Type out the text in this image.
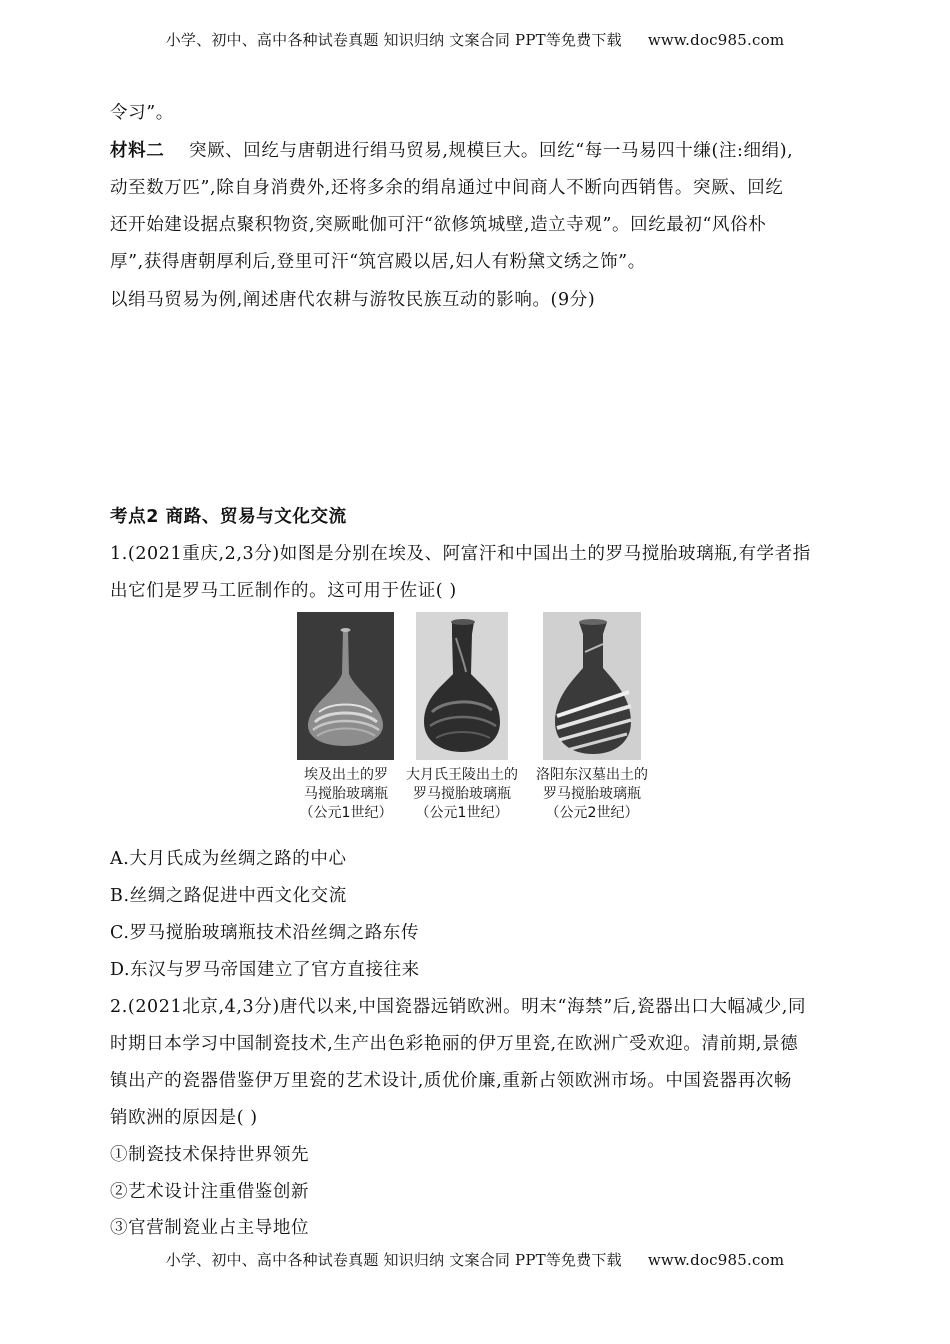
小学、初中、高中各种试卷真题 知识归纳 文案合同 PPT等免费下载 www.doc985.com
令习”。
材料二 突厥、回纥与唐朝进行绢马贸易,规模巨大。回纥“每一马易四十缣(注:细绢),
动至数万匹”,除自身消费外,还将多余的绢帛通过中间商人不断向西销售。突厥、回纥
还开始建设据点聚积物资,突厥毗伽可汗“欲修筑城壁,造立寺观”。回纥最初“风俗朴
厚”,获得唐朝厚利后,登里可汗“筑宫殿以居,妇人有粉黛文绣之饰”。
以绢马贸易为例,阐述唐代农耕与游牧民族互动的影响。(9分)
考点2 商路、贸易与文化交流
1.(2021重庆,2,3分)如图是分别在埃及、阿富汗和中国出土的罗马搅胎玻璃瓶,有学者指
出它们是罗马工匠制作的。这可用于佐证( )
埃及出土的罗
马搅胎玻璃瓶
（公元1世纪）
大月氏王陵出土的
罗马搅胎玻璃瓶
（公元1世纪）
洛阳东汉墓出土的
罗马搅胎玻璃瓶
（公元2世纪）
A.大月氏成为丝绸之路的中心
B.丝绸之路促进中西文化交流
C.罗马搅胎玻璃瓶技术沿丝绸之路东传
D.东汉与罗马帝国建立了官方直接往来
2.(2021北京,4,3分)唐代以来,中国瓷器远销欧洲。明末“海禁”后,瓷器出口大幅减少,同
时期日本学习中国制瓷技术,生产出色彩艳丽的伊万里瓷,在欧洲广受欢迎。清前期,景德
镇出产的瓷器借鉴伊万里瓷的艺术设计,质优价廉,重新占领欧洲市场。中国瓷器再次畅
销欧洲的原因是( )
①制瓷技术保持世界领先
②艺术设计注重借鉴创新
③官营制瓷业占主导地位
小学、初中、高中各种试卷真题 知识归纳 文案合同 PPT等免费下载 www.doc985.com
